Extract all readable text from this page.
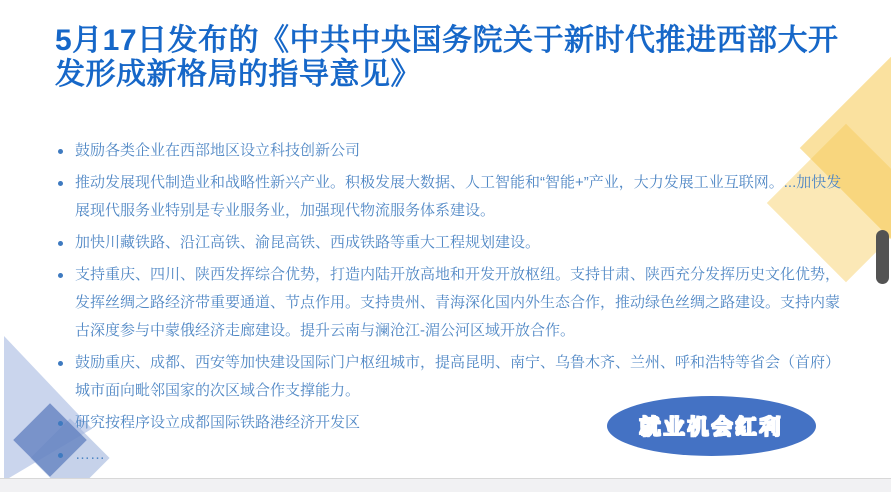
5月17日发布的《中共中央国务院关于新时代推进西部大开
发形成新格局的指导意见》
鼓励各类企业在西部地区设立科技创新公司
推动发展现代制造业和战略性新兴产业。积极发展大数据、人工智能和“智能+”产业，大力发展工业互联网。...加快发展现代服务业特别是专业服务业，加强现代物流服务体系建设。
加快川藏铁路、沿江高铁、渝昆高铁、西成铁路等重大工程规划建设。
支持重庆、四川、陕西发挥综合优势，打造内陆开放高地和开发开放枢纽。支持甘肃、陕西充分发挥历史文化优势，发挥丝绸之路经济带重要通道、节点作用。支持贵州、青海深化国内外生态合作，推动绿色丝绸之路建设。支持内蒙古深度参与中蒙俄经济走廊建设。提升云南与澜沧江-湄公河区域开放合作。
鼓励重庆、成都、西安等加快建设国际门户枢纽城市，提高昆明、南宁、乌鲁木齐、兰州、呼和浩特等省会（首府）城市面向毗邻国家的次区域合作支撑能力。
研究按程序设立成都国际铁路港经济开发区
……
就业机会红利
